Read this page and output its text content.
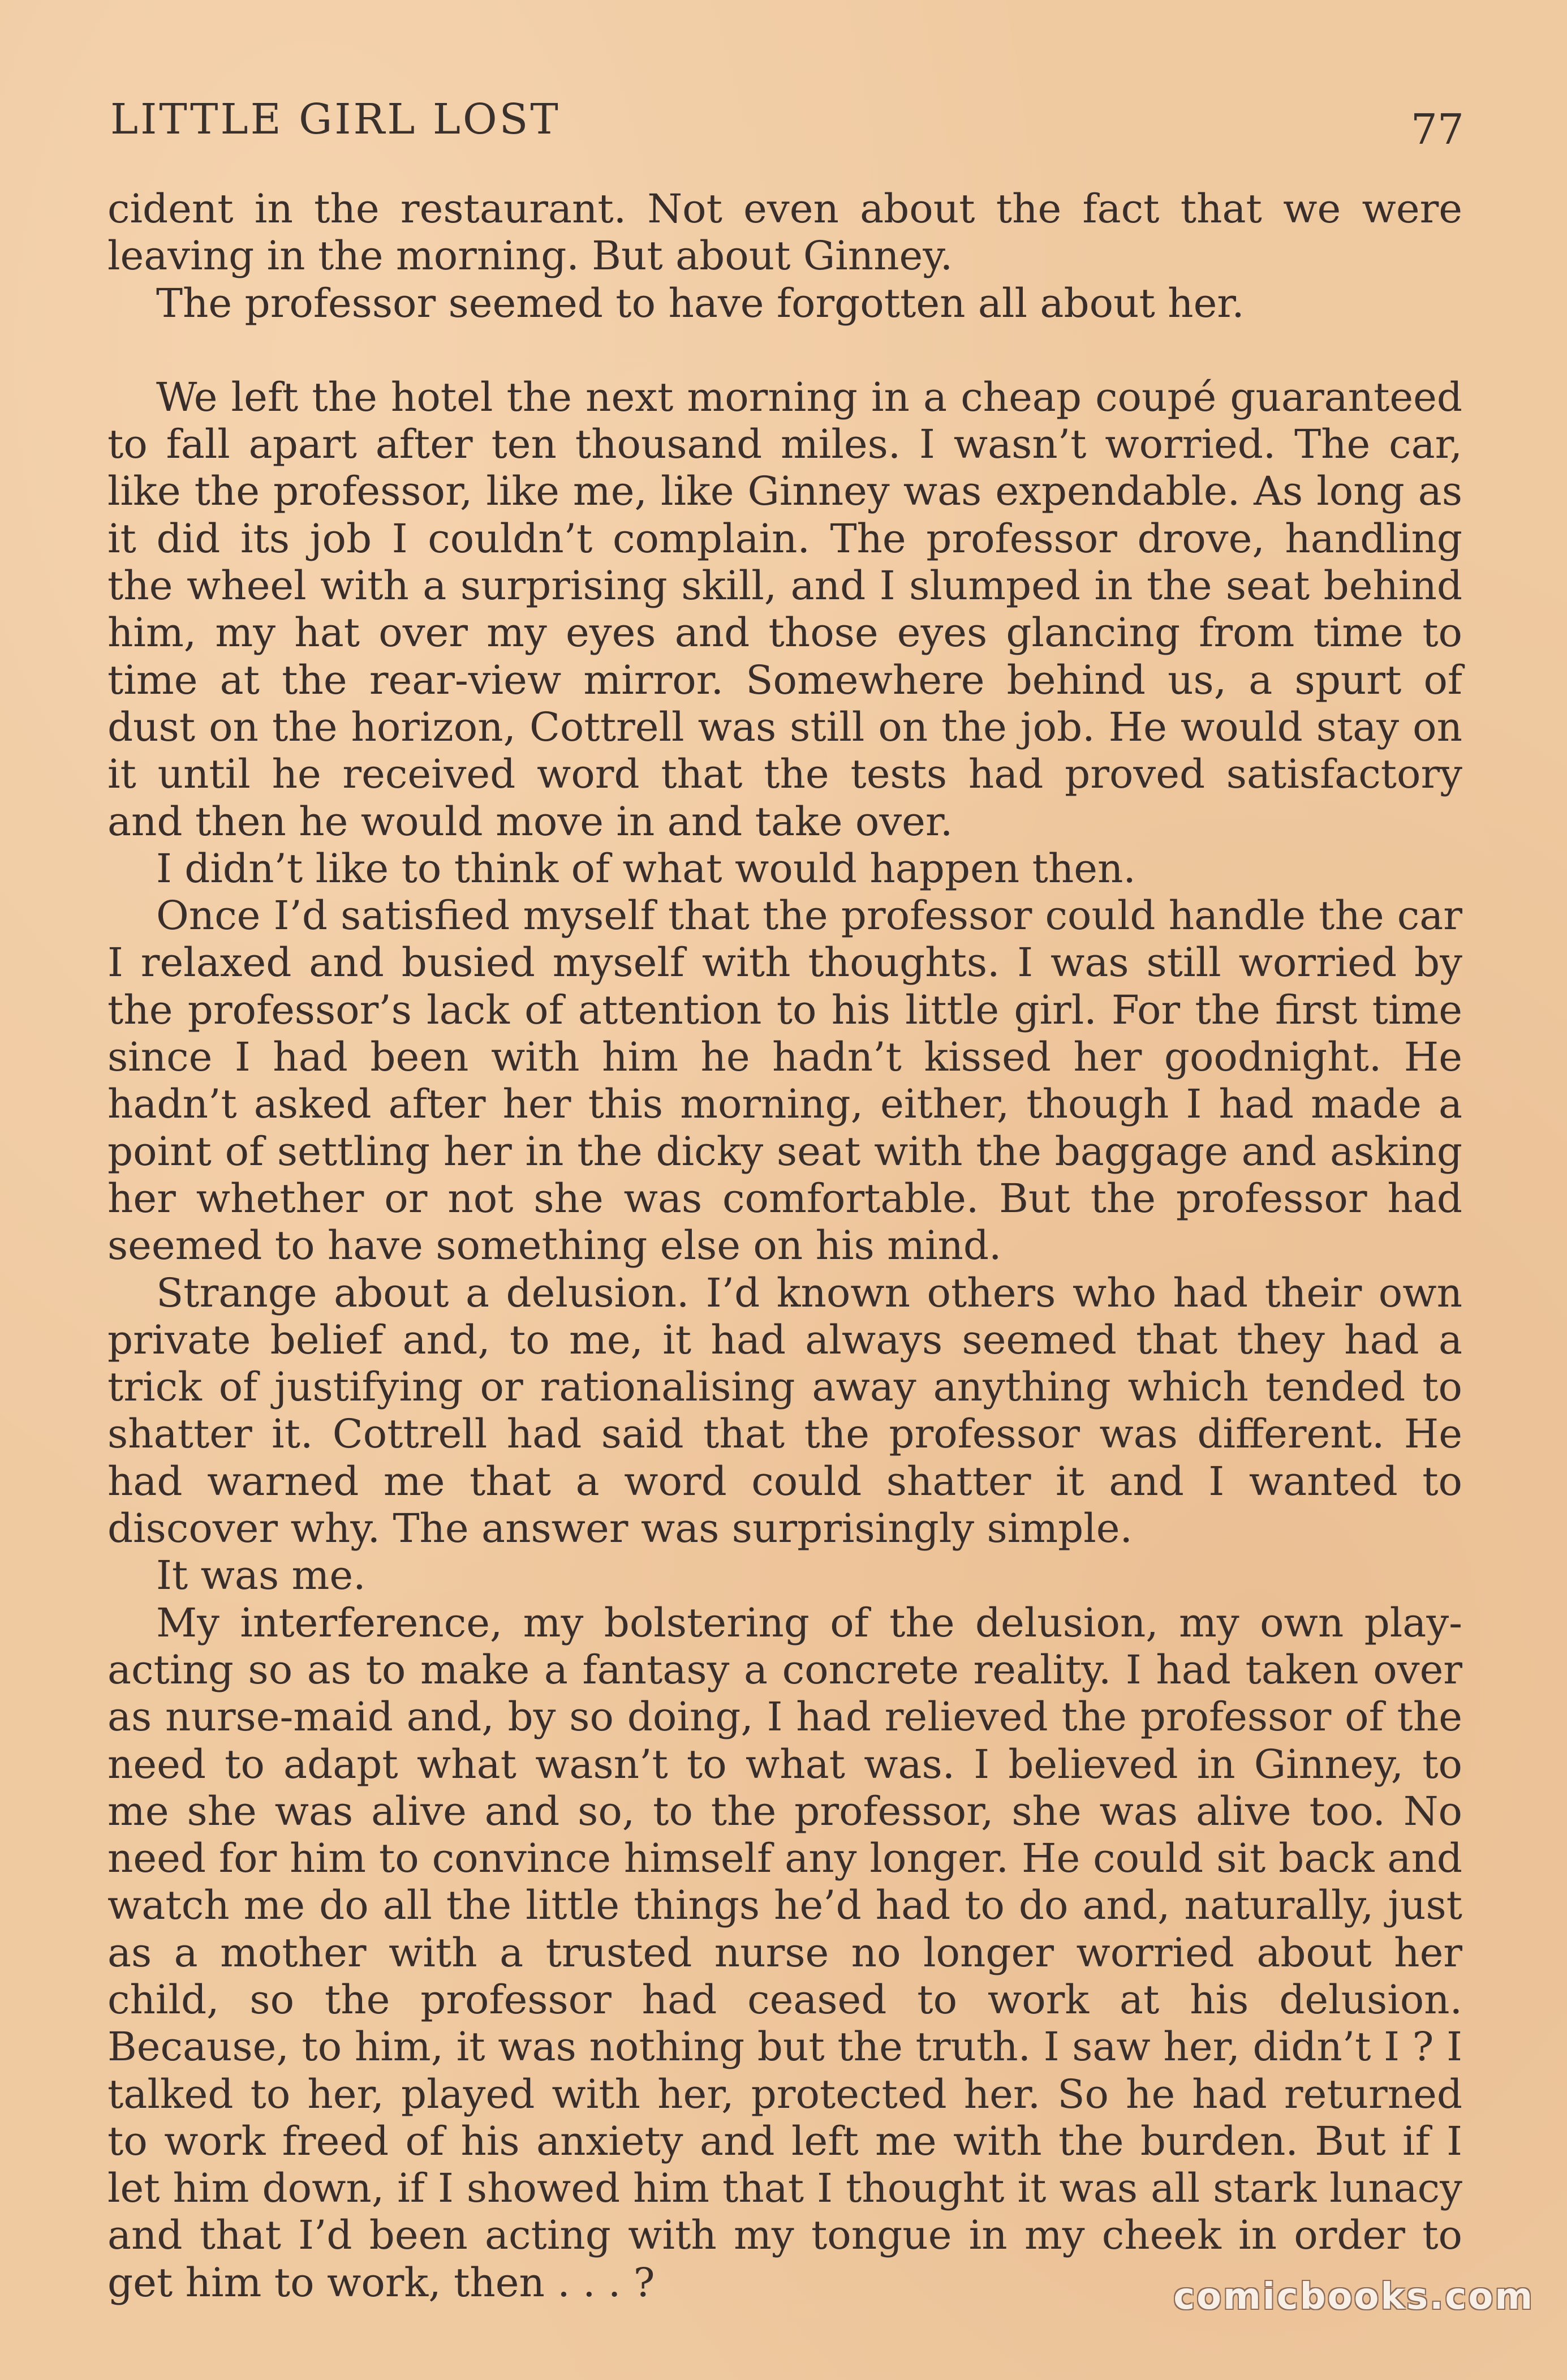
LITTLE GIRL LOST	77

cident in the restaurant. Not even about the fact that we were leaving in the morning. But about Ginney.

The professor seemed to have forgotten all about her.

We left the hotel the next morning in a cheap coupé guaranteed to fall apart after ten thousand miles. I wasn’t worried. The car, like the professor, like me, like Ginney was expendable. As long as it did its job I couldn’t complain. The professor drove, handling the wheel with a surprising skill, and I slumped in the seat behind him, my hat over my eyes and those eyes glancing from time to time at the rear-view mirror. Somewhere behind us, a spurt of dust on the horizon, Cottrell was still on the job. He would stay on it until he received word that the tests had proved satisfactory and then he would move in and take over.

I didn’t like to think of what would happen then.

Once I’d satisfied myself that the professor could handle the car I relaxed and busied myself with thoughts. I was still worried by the professor’s lack of attention to his little girl. For the first time since I had been with him he hadn’t kissed her goodnight. He hadn’t asked after her this morning, either, though I had made a point of settling her in the dicky seat with the baggage and asking her whether or not she was comfortable. But the professor had seemed to have something else on his mind.

Strange about a delusion. I’d known others who had their own private belief and, to me, it had always seemed that they had a trick of justifying or rationalising away anything which tended to shatter it. Cottrell had said that the professor was different. He had warned me that a word could shatter it and I wanted to discover why. The answer was surprisingly simple.

It was me.

My interference, my bolstering of the delusion, my own play-acting so as to make a fantasy a concrete reality. I had taken over as nurse-maid and, by so doing, I had relieved the professor of the need to adapt what wasn’t to what was. I believed in Ginney, to me she was alive and so, to the professor, she was alive too. No need for him to convince himself any longer. He could sit back and watch me do all the little things he’d had to do and, naturally, just as a mother with a trusted nurse no longer worried about her child, so the professor had ceased to work at his delusion. Because, to him, it was nothing but the truth. I saw her, didn’t I ? I talked to her, played with her, protected her. So he had returned to work freed of his anxiety and left me with the burden. But if I let him down, if I showed him that I thought it was all stark lunacy and that I’d been acting with my tongue in my cheek in order to get him to work, then . . . ?	comicbooks.com
